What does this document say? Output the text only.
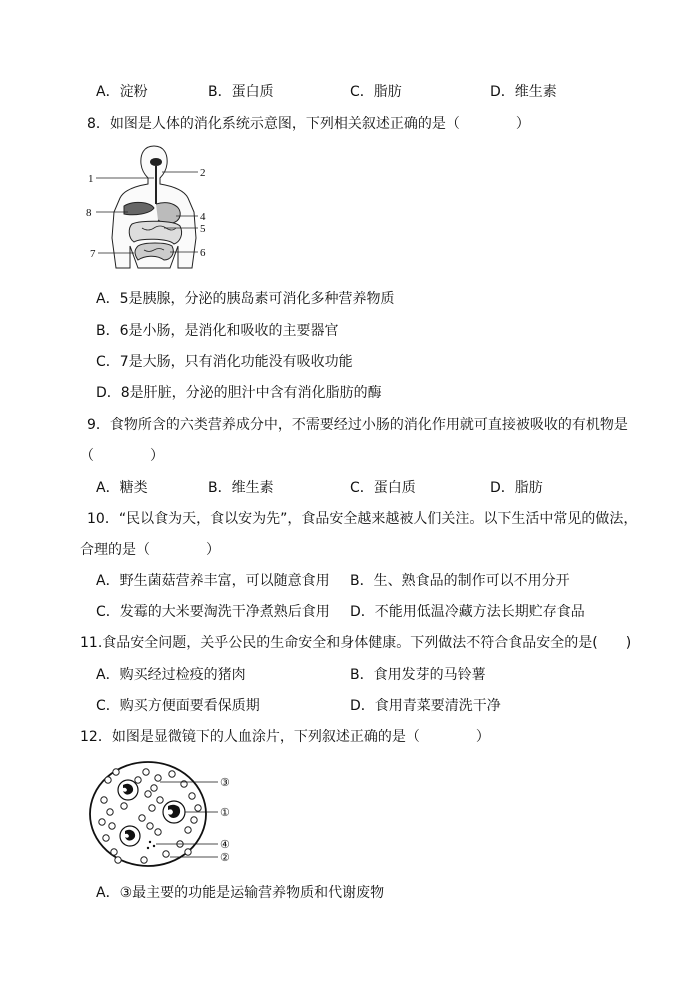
A．淀粉	B．蛋白质	C．脂肪	D．维生素
8．如图是人体的消化系统示意图，下列相关叙述正确的是（　　　　）
1	2
4
5
6
7
8
A．5是胰腺，分泌的胰岛素可消化多种营养物质
B．6是小肠，是消化和吸收的主要器官
C．7是大肠，只有消化功能没有吸收功能
D．8是肝脏，分泌的胆汁中含有消化脂肪的酶
9．食物所含的六类营养成分中，不需要经过小肠的消化作用就可直接被吸收的有机物是
（　　　　）
A．糖类	B．维生素	C．蛋白质	D．脂肪
10．“民以食为天，食以安为先”，食品安全越来越被人们关注。以下生活中常见的做法，
合理的是（　　　　）
A．野生菌菇营养丰富，可以随意食用 B．生、熟食品的制作可以不用分开
C．发霉的大米要淘洗干净煮熟后食用 D．不能用低温冷藏方法长期贮存食品
11.食品安全问题，关乎公民的生命安全和身体健康。下列做法不符合食品安全的是(　　)
A．购买经过检疫的猪肉	B．食用发芽的马铃薯
C．购买方便面要看保质期	D．食用青菜要清洗干净
12．如图是显微镜下的人血涂片，下列叙述正确的是（　　　　）
③
①
④
②
A．③最主要的功能是运输营养物质和代谢废物
